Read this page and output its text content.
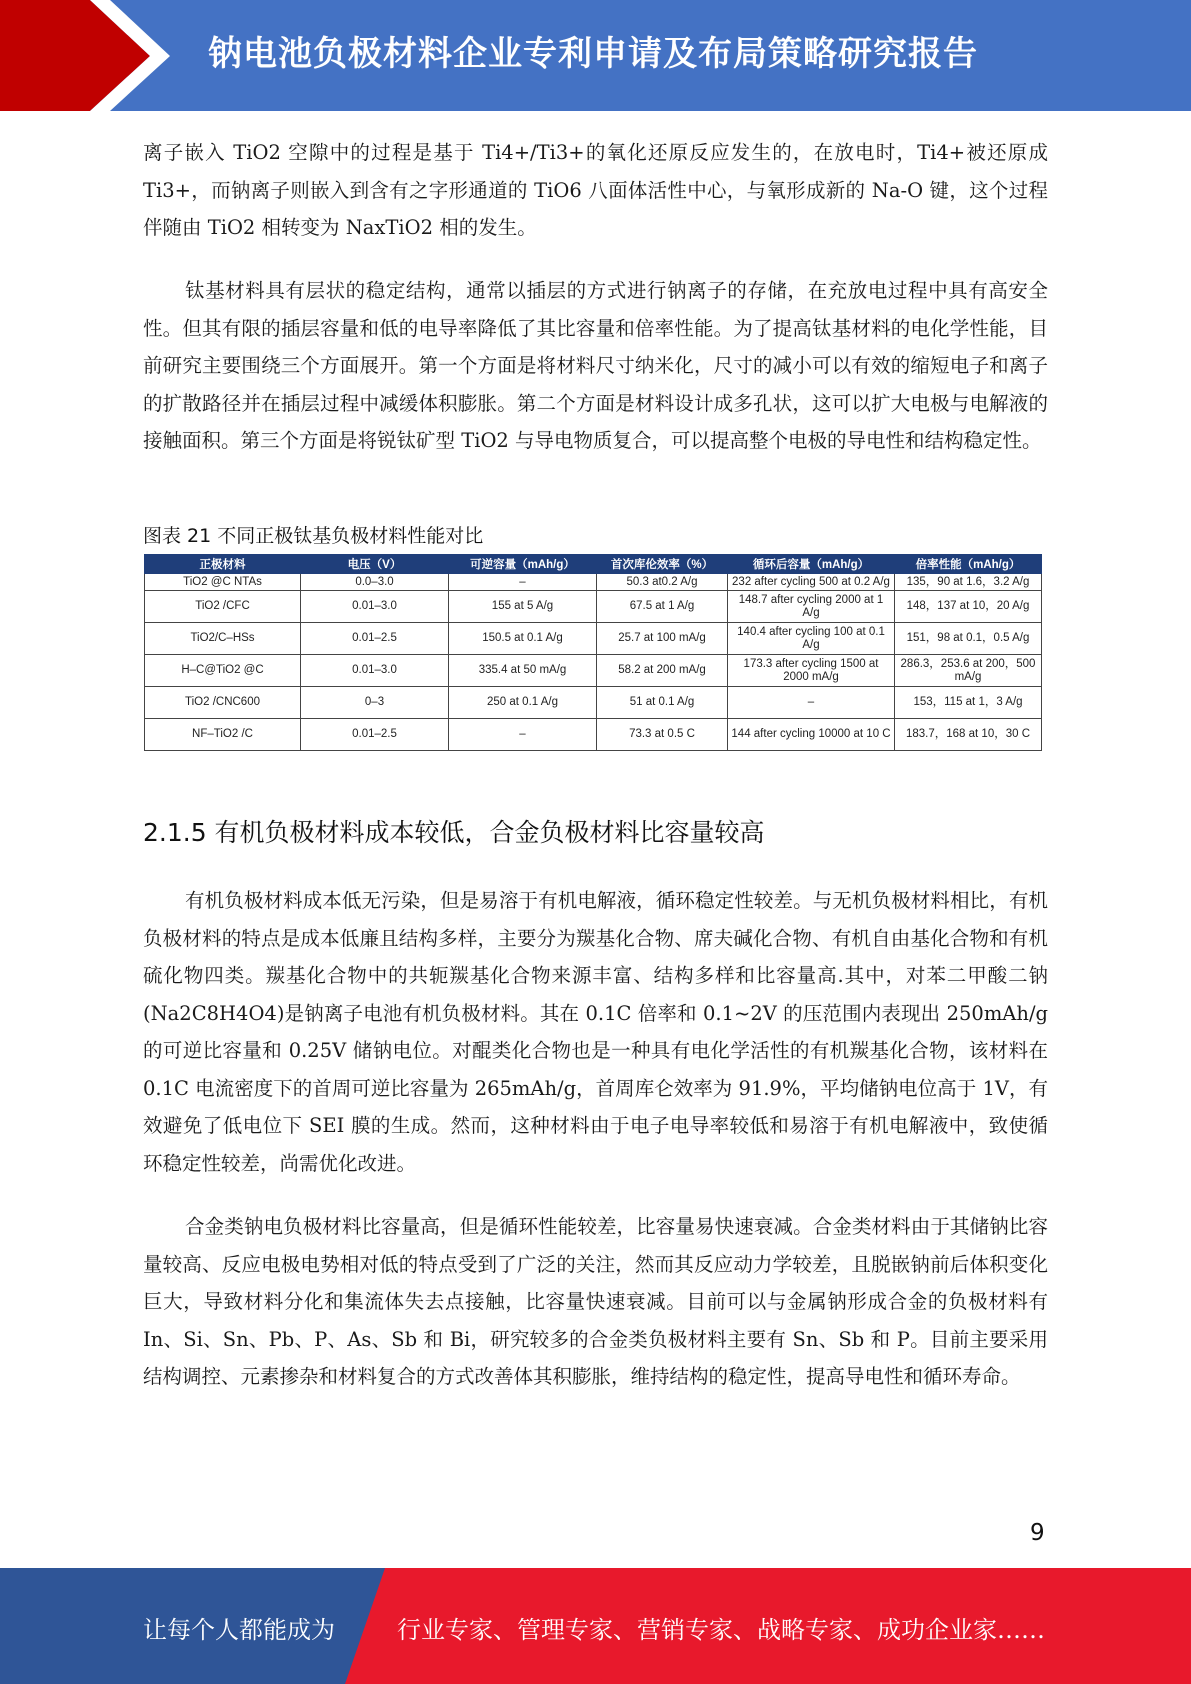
钠电池负极材料企业专利申请及布局策略研究报告

离子嵌入 TiO2 空隙中的过程是基于 Ti4+/Ti3+的氧化还原反应发生的，在放电时，Ti4+被还原成 Ti3+，而钠离子则嵌入到含有之字形通道的 TiO6 八面体活性中心，与氧形成新的 Na-O 键，这个过程伴随由 TiO2 相转变为 NaxTiO2 相的发生。

钛基材料具有层状的稳定结构，通常以插层的方式进行钠离子的存储，在充放电过程中具有高安全性。但其有限的插层容量和低的电导率降低了其比容量和倍率性能。为了提高钛基材料的电化学性能，目前研究主要围绕三个方面展开。第一个方面是将材料尺寸纳米化，尺寸的减小可以有效的缩短电子和离子的扩散路径并在插层过程中减缓体积膨胀。第二个方面是材料设计成多孔状，这可以扩大电极与电解液的接触面积。第三个方面是将锐钛矿型 TiO2 与导电物质复合，可以提高整个电极的导电性和结构稳定性。

图表 21 不同正极钛基负极材料性能对比
正极材料	电压（V）	可逆容量（mAh/g）	首次库伦效率（%）	循环后容量（mAh/g）	倍率性能（mAh/g）
TiO2 @C NTAs	0.0–3.0	–	50.3 at0.2 A/g	232 after cycling 500 at 0.2 A/g	135，90 at 1.6，3.2 A/g
TiO2 /CFC	0.01–3.0	155 at 5 A/g	67.5 at 1 A/g	148.7 after cycling 2000 at 1 A/g	148，137 at 10，20 A/g
TiO2/C–HSs	0.01–2.5	150.5 at 0.1 A/g	25.7 at 100 mA/g	140.4 after cycling 100 at 0.1 A/g	151，98 at 0.1，0.5 A/g
H–C@TiO2 @C	0.01–3.0	335.4 at 50 mA/g	58.2 at 200 mA/g	173.3 after cycling 1500 at 2000 mA/g	286.3，253.6 at 200，500 mA/g
TiO2 /CNC600	0–3	250 at 0.1 A/g	51 at 0.1 A/g	–	153，115 at 1，3 A/g
NF–TiO2 /C	0.01–2.5	–	73.3 at 0.5 C	144 after cycling 10000 at 10 C	183.7，168 at 10，30 C
2.1.5 有机负极材料成本较低，合金负极材料比容量较高

有机负极材料成本低无污染，但是易溶于有机电解液，循环稳定性较差。与无机负极材料相比，有机负极材料的特点是成本低廉且结构多样，主要分为羰基化合物、席夫碱化合物、有机自由基化合物和有机硫化物四类。羰基化合物中的共轭羰基化合物来源丰富、结构多样和比容量高.其中，对苯二甲酸二钠(Na2C8H4O4)是钠离子电池有机负极材料。其在 0.1C 倍率和 0.1~2V 的压范围内表现出 250mAh/g 的可逆比容量和 0.25V 储钠电位。对醌类化合物也是一种具有电化学活性的有机羰基化合物，该材料在 0.1C 电流密度下的首周可逆比容量为 265mAh/g，首周库仑效率为 91.9%，平均储钠电位高于 1V，有效避免了低电位下 SEI 膜的生成。然而，这种材料由于电子电导率较低和易溶于有机电解液中，致使循环稳定性较差，尚需优化改进。

合金类钠电负极材料比容量高，但是循环性能较差，比容量易快速衰减。合金类材料由于其储钠比容量较高、反应电极电势相对低的特点受到了广泛的关注，然而其反应动力学较差，且脱嵌钠前后体积变化巨大，导致材料分化和集流体失去点接触，比容量快速衰减。目前可以与金属钠形成合金的负极材料有 In、Si、Sn、Pb、P、As、Sb 和 Bi，研究较多的合金类负极材料主要有 Sn、Sb 和 P。目前主要采用结构调控、元素掺杂和材料复合的方式改善体其积膨胀，维持结构的稳定性，提高导电性和循环寿命。

9
让每个人都能成为	行业专家、管理专家、营销专家、战略专家、成功企业家……
